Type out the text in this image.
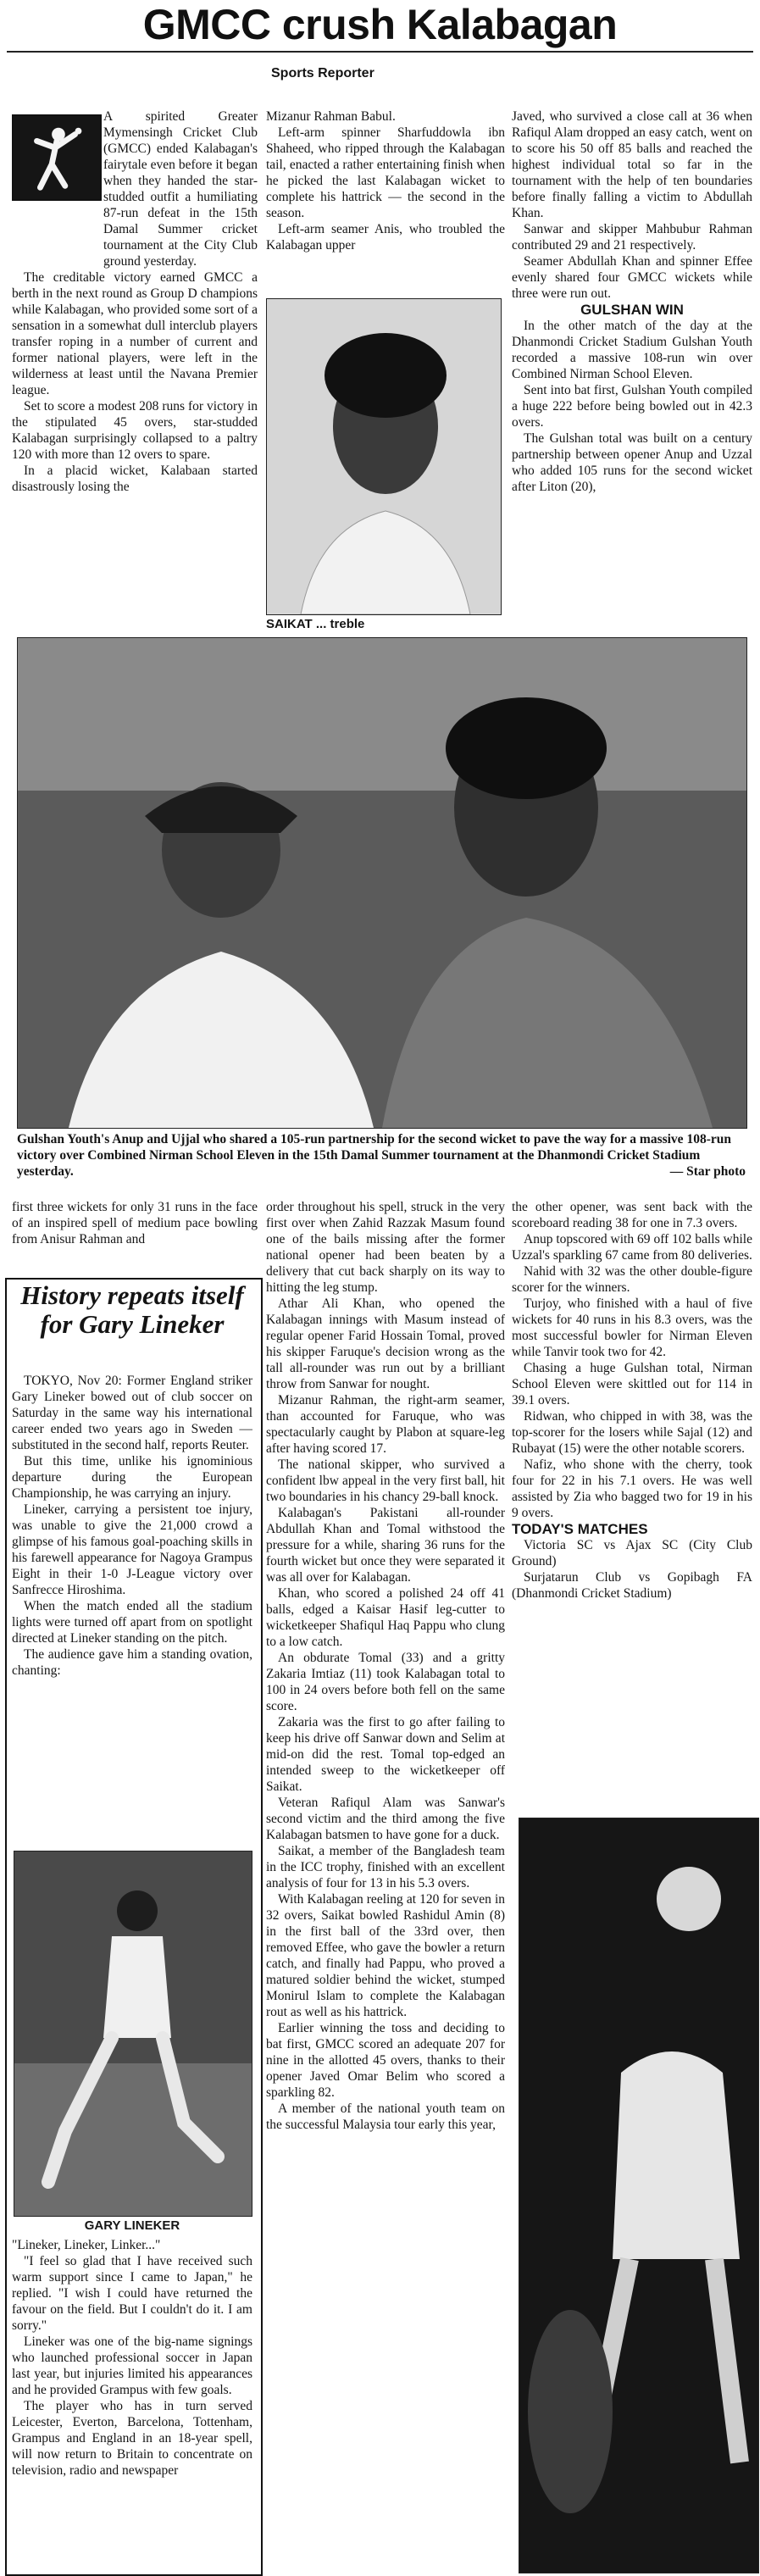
GMCC crush Kalabagan
Sports Reporter

A spirited Greater Mymensingh Cricket Club (GMCC) ended Kalabagan's fairytale even before it began when they handed the star-studded outfit a humiliating 87-run defeat in the 15th Damal Summer cricket tournament at the City Club ground yesterday.

The creditable victory earned GMCC a berth in the next round as Group D champions while Kalabagan, who provided some sort of a sensation in a somewhat dull interclub players transfer roping in a number of current and former national players, were left in the wilderness at least until the Navana Premier league.

Set to score a modest 208 runs for victory in the stipulated 45 overs, star-studded Kalabagan surprisingly collapsed to a paltry 120 with more than 12 overs to spare.

In a placid wicket, Kalabaan started disastrously losing the

Mizanur Rahman Babul.

Left-arm spinner Sharfuddowla ibn Shaheed, who ripped through the Kalabagan tail, enacted a rather entertaining finish when he picked the last Kalabagan wicket to complete his hattrick — the second in the season.

Left-arm seamer Anis, who troubled the Kalabagan upper

SAIKAT ... treble

Javed, who survived a close call at 36 when Rafiqul Alam dropped an easy catch, went on to score his 50 off 85 balls and reached the highest individual total so far in the tournament with the help of ten boundaries before finally falling a victim to Abdullah Khan.

Sanwar and skipper Mahbubur Rahman contributed 29 and 21 respectively.

Seamer Abdullah Khan and spinner Effee evenly shared four GMCC wickets while three were run out.

GULSHAN WIN

In the other match of the day at the Dhanmondi Cricket Stadium Gulshan Youth recorded a massive 108-run win over Combined Nirman School Eleven.

Sent into bat first, Gulshan Youth compiled a huge 222 before being bowled out in 42.3 overs.

The Gulshan total was built on a century partnership between opener Anup and Uzzal who added 105 runs for the second wicket after Liton (20),

Gulshan Youth's Anup and Ujjal who shared a 105-run partnership for the second wicket to pave the way for a massive 108-run victory over Combined Nirman School Eleven in the 15th Damal Summer tournament at the Dhanmondi Cricket Stadium yesterday.	— Star photo

first three wickets for only 31 runs in the face of an inspired spell of medium pace bowling from Anisur Rahman and

History repeats itself for Gary Lineker

TOKYO, Nov 20: Former England striker Gary Lineker bowed out of club soccer on Saturday in the same way his international career ended two years ago in Sweden — substituted in the second half, reports Reuter.

But this time, unlike his ignominious departure during the European Championship, he was carrying an injury.

Lineker, carrying a persistent toe injury, was unable to give the 21,000 crowd a glimpse of his famous goal-poaching skills in his farewell appearance for Nagoya Grampus Eight in their 1-0 J-League victory over Sanfrecce Hiroshima.

When the match ended all the stadium lights were turned off apart from on spotlight directed at Lineker standing on the pitch.

The audience gave him a standing ovation, chanting:

GARY LINEKER

"Lineker, Lineker, Linker..."

"I feel so glad that I have received such warm support since I came to Japan," he replied. "I wish I could have returned the favour on the field. But I couldn't do it. I am sorry."

Lineker was one of the big-name signings who launched professional soccer in Japan last year, but injuries limited his appearances and he provided Grampus with few goals.

The player who has in turn served Leicester, Everton, Barcelona, Tottenham, Grampus and England in an 18-year spell, will now return to Britain to concentrate on television, radio and newspaper

order throughout his spell, struck in the very first over when Zahid Razzak Masum found one of the bails missing after the former national opener had been beaten by a delivery that cut back sharply on its way to hitting the leg stump.

Athar Ali Khan, who opened the Kalabagan innings with Masum instead of regular opener Farid Hossain Tomal, proved his skipper Faruque's decision wrong as the tall all-rounder was run out by a brilliant throw from Sanwar for nought.

Mizanur Rahman, the right-arm seamer, than accounted for Faruque, who was spectacularly caught by Plabon at square-leg after having scored 17.

The national skipper, who survived a confident lbw appeal in the very first ball, hit two boundaries in his chancy 29-ball knock.

Kalabagan's Pakistani all-rounder Abdullah Khan and Tomal withstood the pressure for a while, sharing 36 runs for the fourth wicket but once they were separated it was all over for Kalabagan.

Khan, who scored a polished 24 off 41 balls, edged a Kaisar Hasif leg-cutter to wicketkeeper Shafiqul Haq Pappu who clung to a low catch.

An obdurate Tomal (33) and a gritty Zakaria Imtiaz (11) took Kalabagan total to 100 in 24 overs before both fell on the same score.

Zakaria was the first to go after failing to keep his drive off Sanwar down and Selim at mid-on did the rest. Tomal top-edged an intended sweep to the wicketkeeper off Saikat.

Veteran Rafiqul Alam was Sanwar's second victim and the third among the five Kalabagan batsmen to have gone for a duck.

Saikat, a member of the Bangladesh team in the ICC trophy, finished with an excellent analysis of four for 13 in his 5.3 overs.

With Kalabagan reeling at 120 for seven in 32 overs, Saikat bowled Rashidul Amin (8) in the first ball of the 33rd over, then removed Effee, who gave the bowler a return catch, and finally had Pappu, who proved a matured soldier behind the wicket, stumped Monirul Islam to complete the Kalabagan rout as well as his hattrick.

Earlier winning the toss and deciding to bat first, GMCC scored an adequate 207 for nine in the allotted 45 overs, thanks to their opener Javed Omar Belim who scored a sparkling 82.

A member of the national youth team on the successful Malaysia tour early this year,

the other opener, was sent back with the scoreboard reading 38 for one in 7.3 overs.

Anup topscored with 69 off 102 balls while Uzzal's sparkling 67 came from 80 deliveries.

Nahid with 32 was the other double-figure scorer for the winners.

Turjoy, who finished with a haul of five wickets for 40 runs in his 8.3 overs, was the most successful bowler for Nirman Eleven while Tanvir took two for 42.

Chasing a huge Gulshan total, Nirman School Eleven were skittled out for 114 in 39.1 overs.

Ridwan, who chipped in with 38, was the top-scorer for the losers while Sajal (12) and Rubayat (15) were the other notable scorers.

Nafiz, who shone with the cherry, took four for 22 in his 7.1 overs. He was well assisted by Zia who bagged two for 19 in his 9 overs.

TODAY'S MATCHES

Victoria SC vs Ajax SC (City Club Ground)

Surjatarun Club vs Gopibagh FA (Dhanmondi Cricket Stadium)
